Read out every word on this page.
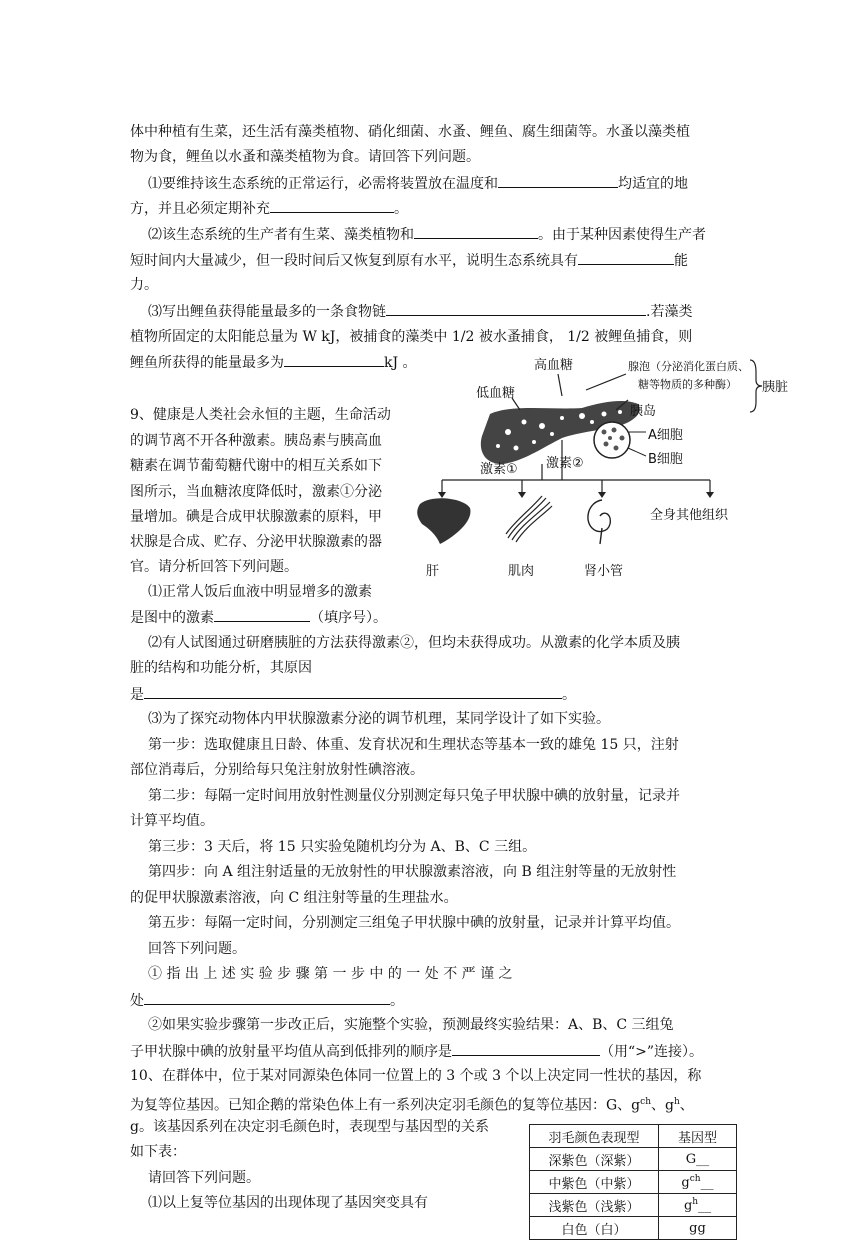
体中种植有生菜，还生活有藻类植物、硝化细菌、水蚤、鲤鱼、腐生细菌等。水蚤以藻类植
物为食，鲤鱼以水蚤和藻类植物为食。请回答下列问题。
⑴要维持该生态系统的正常运行，必需将装置放在温度和	均适宜的地
方，并且必须定期补充	。
⑵该生态系统的生产者有生菜、藻类植物和	。由于某种因素使得生产者
短时间内大量减少，但一段时间后又恢复到原有水平，说明生态系统具有	能
力。
⑶写出鲤鱼获得能量最多的一条食物链	.若藻类
植物所固定的太阳能总量为 W kJ，被捕食的藻类中 1/2 被水蚤捕食， 1/2 被鲤鱼捕食，则
鲤鱼所获得的能量最多为	kJ 。
9、健康是人类社会永恒的主题，生命活动
的调节离不开各种激素。胰岛素与胰高血
糖素在调节葡萄糖代谢中的相互关系如下
图所示，当血糖浓度降低时，激素①分泌
量增加。碘是合成甲状腺激素的原料，甲
状腺是合成、贮存、分泌甲状腺激素的器
官。请分析回答下列问题。
⑴正常人饭后血液中明显增多的激素
是图中的激素	（填序号）。
高血糖
低血糖
腺泡（分泌消化蛋白质、
糖等物质的多种酶） 胰脏
胰岛
A细胞
B细胞
激素① 激素②
肝	肌肉	肾小管
全身其他组织
⑵有人试图通过研磨胰脏的方法获得激素②，但均未获得成功。从激素的化学本质及胰
脏的结构和功能分析，其原因
是	。
⑶为了探究动物体内甲状腺激素分泌的调节机理，某同学设计了如下实验。
第一步：选取健康且日龄、体重、发育状况和生理状态等基本一致的雄兔 15 只，注射
部位消毒后，分别给每只兔注射放射性碘溶液。
第二步：每隔一定时间用放射性测量仪分别测定每只兔子甲状腺中碘的放射量，记录并
计算平均值。
第三步：3 天后，将 15 只实验兔随机均分为 A、B、C 三组。
第四步：向 A 组注射适量的无放射性的甲状腺激素溶液，向 B 组注射等量的无放射性
的促甲状腺激素溶液，向 C 组注射等量的生理盐水。
第五步：每隔一定时间，分别测定三组兔子甲状腺中碘的放射量，记录并计算平均值。
回答下列问题。
① 指 出 上 述 实 验 步 骤 第 一 步 中 的 一 处 不 严 谨 之
处	。
②如果实验步骤第一步改正后，实施整个实验，预测最终实验结果：A、B、C 三组兔
子甲状腺中碘的放射量平均值从高到低排列的顺序是	（用“>”连接）。
10、在群体中，位于某对同源染色体同一位置上的 3 个或 3 个以上决定同一性状的基因，称
为复等位基因。已知企鹅的常染色体上有一系列决定羽毛颜色的复等位基因：G、$g^{ch}$、$g^h$、
g。该基因系列在决定羽毛颜色时，表现型与基因型的关系
如下表：
请回答下列问题。
⑴以上复等位基因的出现体现了基因突变具有
羽毛颜色表现型	基因型
深紫色（深紫）	G__
中紫色（中紫）	$g^{ch}\_\_$
浅紫色（浅紫）	$g^h\_\_$
白色（白）	gg
